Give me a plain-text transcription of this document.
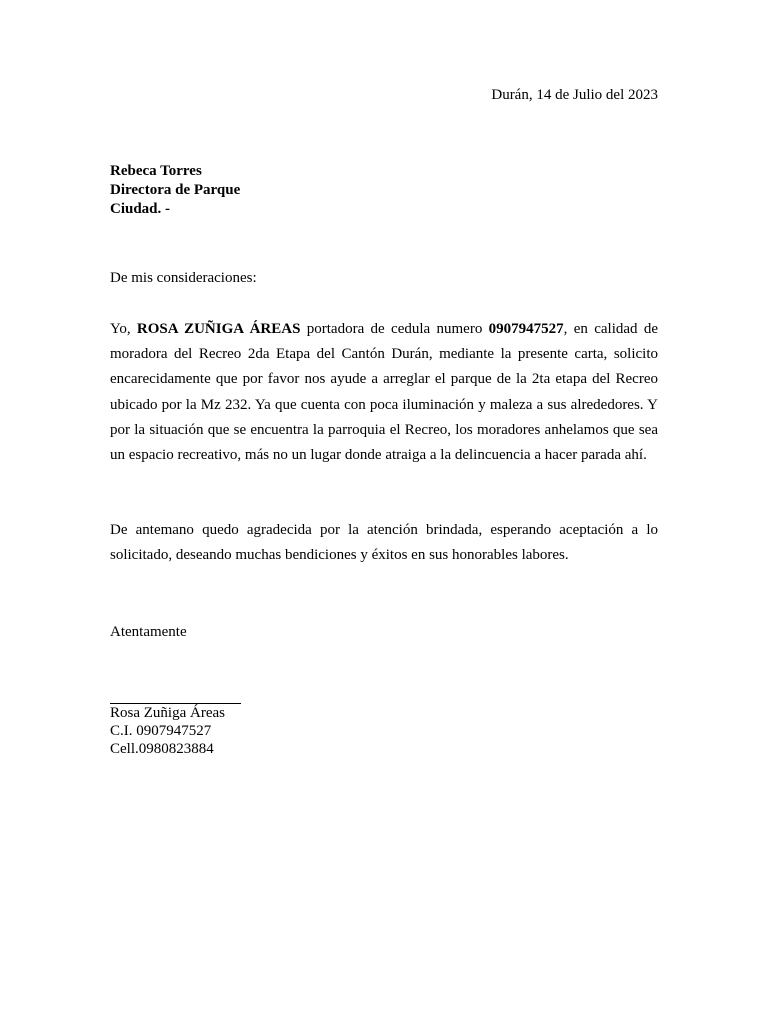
Durán, 14 de Julio del 2023
Rebeca Torres
Directora de Parque
Ciudad. -
De mis consideraciones:
Yo, ROSA ZUÑIGA ÁREAS portadora de cedula numero 0907947527, en calidad de moradora del Recreo 2da Etapa del Cantón Durán, mediante la presente carta, solicito encarecidamente que por favor nos ayude a arreglar el parque de la 2ta etapa del Recreo ubicado por la Mz 232. Ya que cuenta con poca iluminación y maleza a sus alrededores. Y por la situación que se encuentra la parroquia el Recreo, los moradores anhelamos que sea un espacio recreativo, más no un lugar donde atraiga a la delincuencia a hacer parada ahí.
De antemano quedo agradecida por la atención brindada, esperando aceptación a lo solicitado, deseando muchas bendiciones y éxitos en sus honorables labores.
Atentamente
Rosa Zuñiga Áreas
C.I. 0907947527
Cell.0980823884
